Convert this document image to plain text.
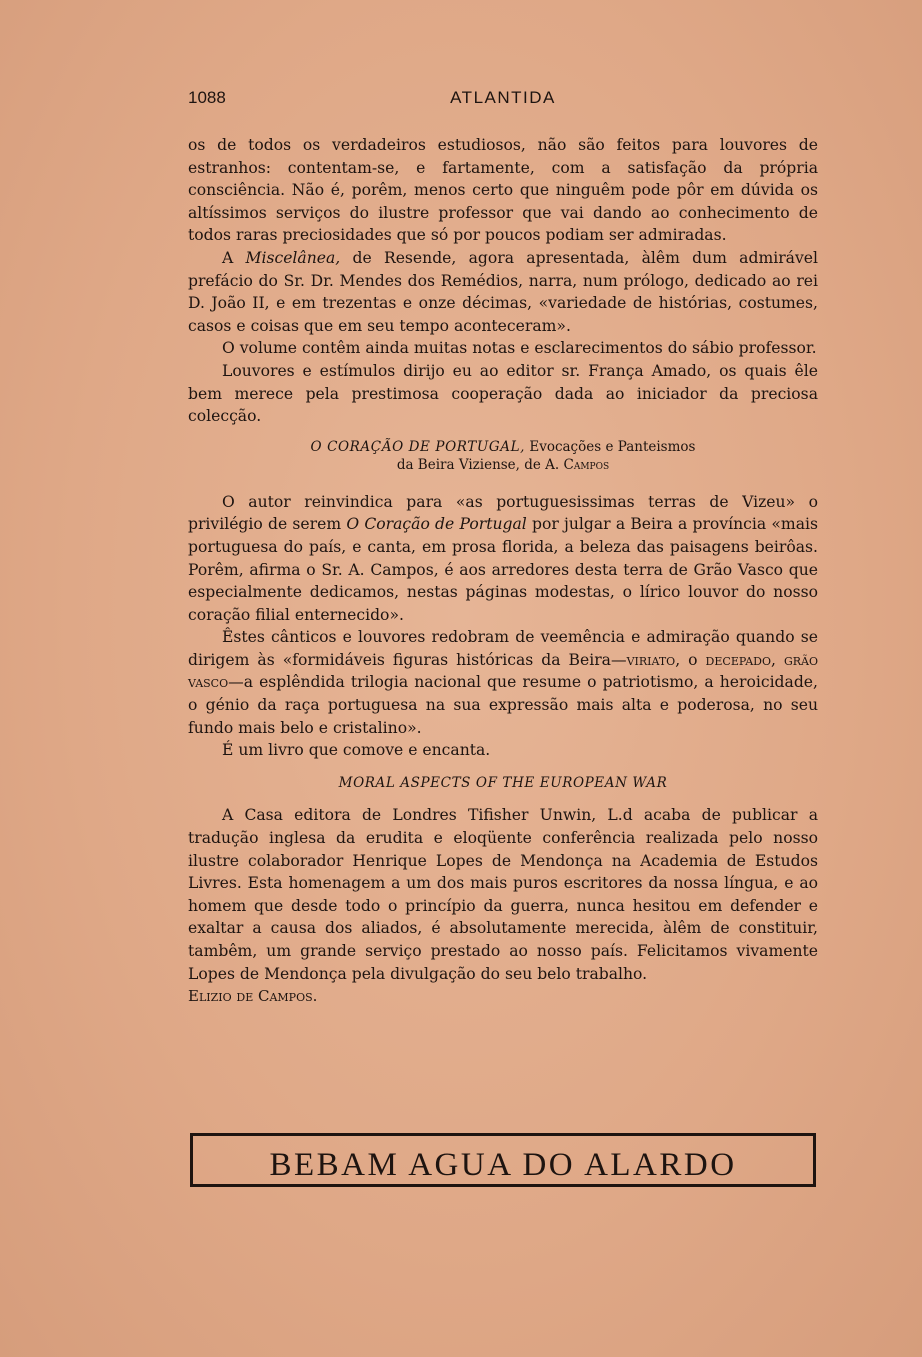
1088	ATLANTIDA

os de todos os verdadeiros estudiosos, não são feitos para louvores de estranhos: contentam-se, e fartamente, com a satisfação da própria consciência. Não é, porêm, menos certo que ninguêm pode pôr em dúvida os altíssimos serviços do ilustre professor que vai dando ao conhecimento de todos raras preciosidades que só por poucos podiam ser admiradas.

A Miscelânea, de Resende, agora apresentada, àlêm dum admirável prefácio do Sr. Dr. Mendes dos Remédios, narra, num prólogo, dedicado ao rei D. João II, e em trezentas e onze décimas, «variedade de histórias, costumes, casos e coisas que em seu tempo aconteceram».

O volume contêm ainda muitas notas e esclarecimentos do sábio professor.

Louvores e estímulos dirijo eu ao editor sr. França Amado, os quais êle bem merece pela prestimosa cooperação dada ao iniciador da preciosa colecção.

O CORAÇÃO DE PORTUGAL, Evocações e Panteismos
da Beira Viziense, de A. Campos

O autor reinvindica para «as portuguesissimas terras de Vizeu» o privilégio de serem O Coração de Portugal por julgar a Beira a província «mais portuguesa do país, e canta, em prosa florida, a beleza das paisagens beirôas. Porêm, afirma o Sr. A. Campos, é aos arredores desta terra de Grão Vasco que especialmente dedicamos, nestas páginas modestas, o lírico louvor do nosso coração filial enternecido».

Êstes cânticos e louvores redobram de veemência e admiração quando se dirigem às «formidáveis figuras históricas da Beira—viriato, o decepado, grão vasco—a esplêndida trilogia nacional que resume o patriotismo, a heroicidade, o génio da raça portuguesa na sua expressão mais alta e poderosa, no seu fundo mais belo e cristalino».

É um livro que comove e encanta.

MORAL ASPECTS OF THE EUROPEAN WAR

A Casa editora de Londres Tifisher Unwin, L.d acaba de publicar a tradução inglesa da erudita e eloqüente conferência realizada pelo nosso ilustre colaborador Henrique Lopes de Mendonça na Academia de Estudos Livres. Esta homenagem a um dos mais puros escritores da nossa língua, e ao homem que desde todo o princípio da guerra, nunca hesitou em defender e exaltar a causa dos aliados, é absolutamente merecida, àlêm de constituir, tambêm, um grande serviço prestado ao nosso país. Felicitamos vivamente Lopes de Mendonça pela divulgação do seu belo trabalho.

Elizio de Campos.

BEBAM AGUA DO ALARDO
